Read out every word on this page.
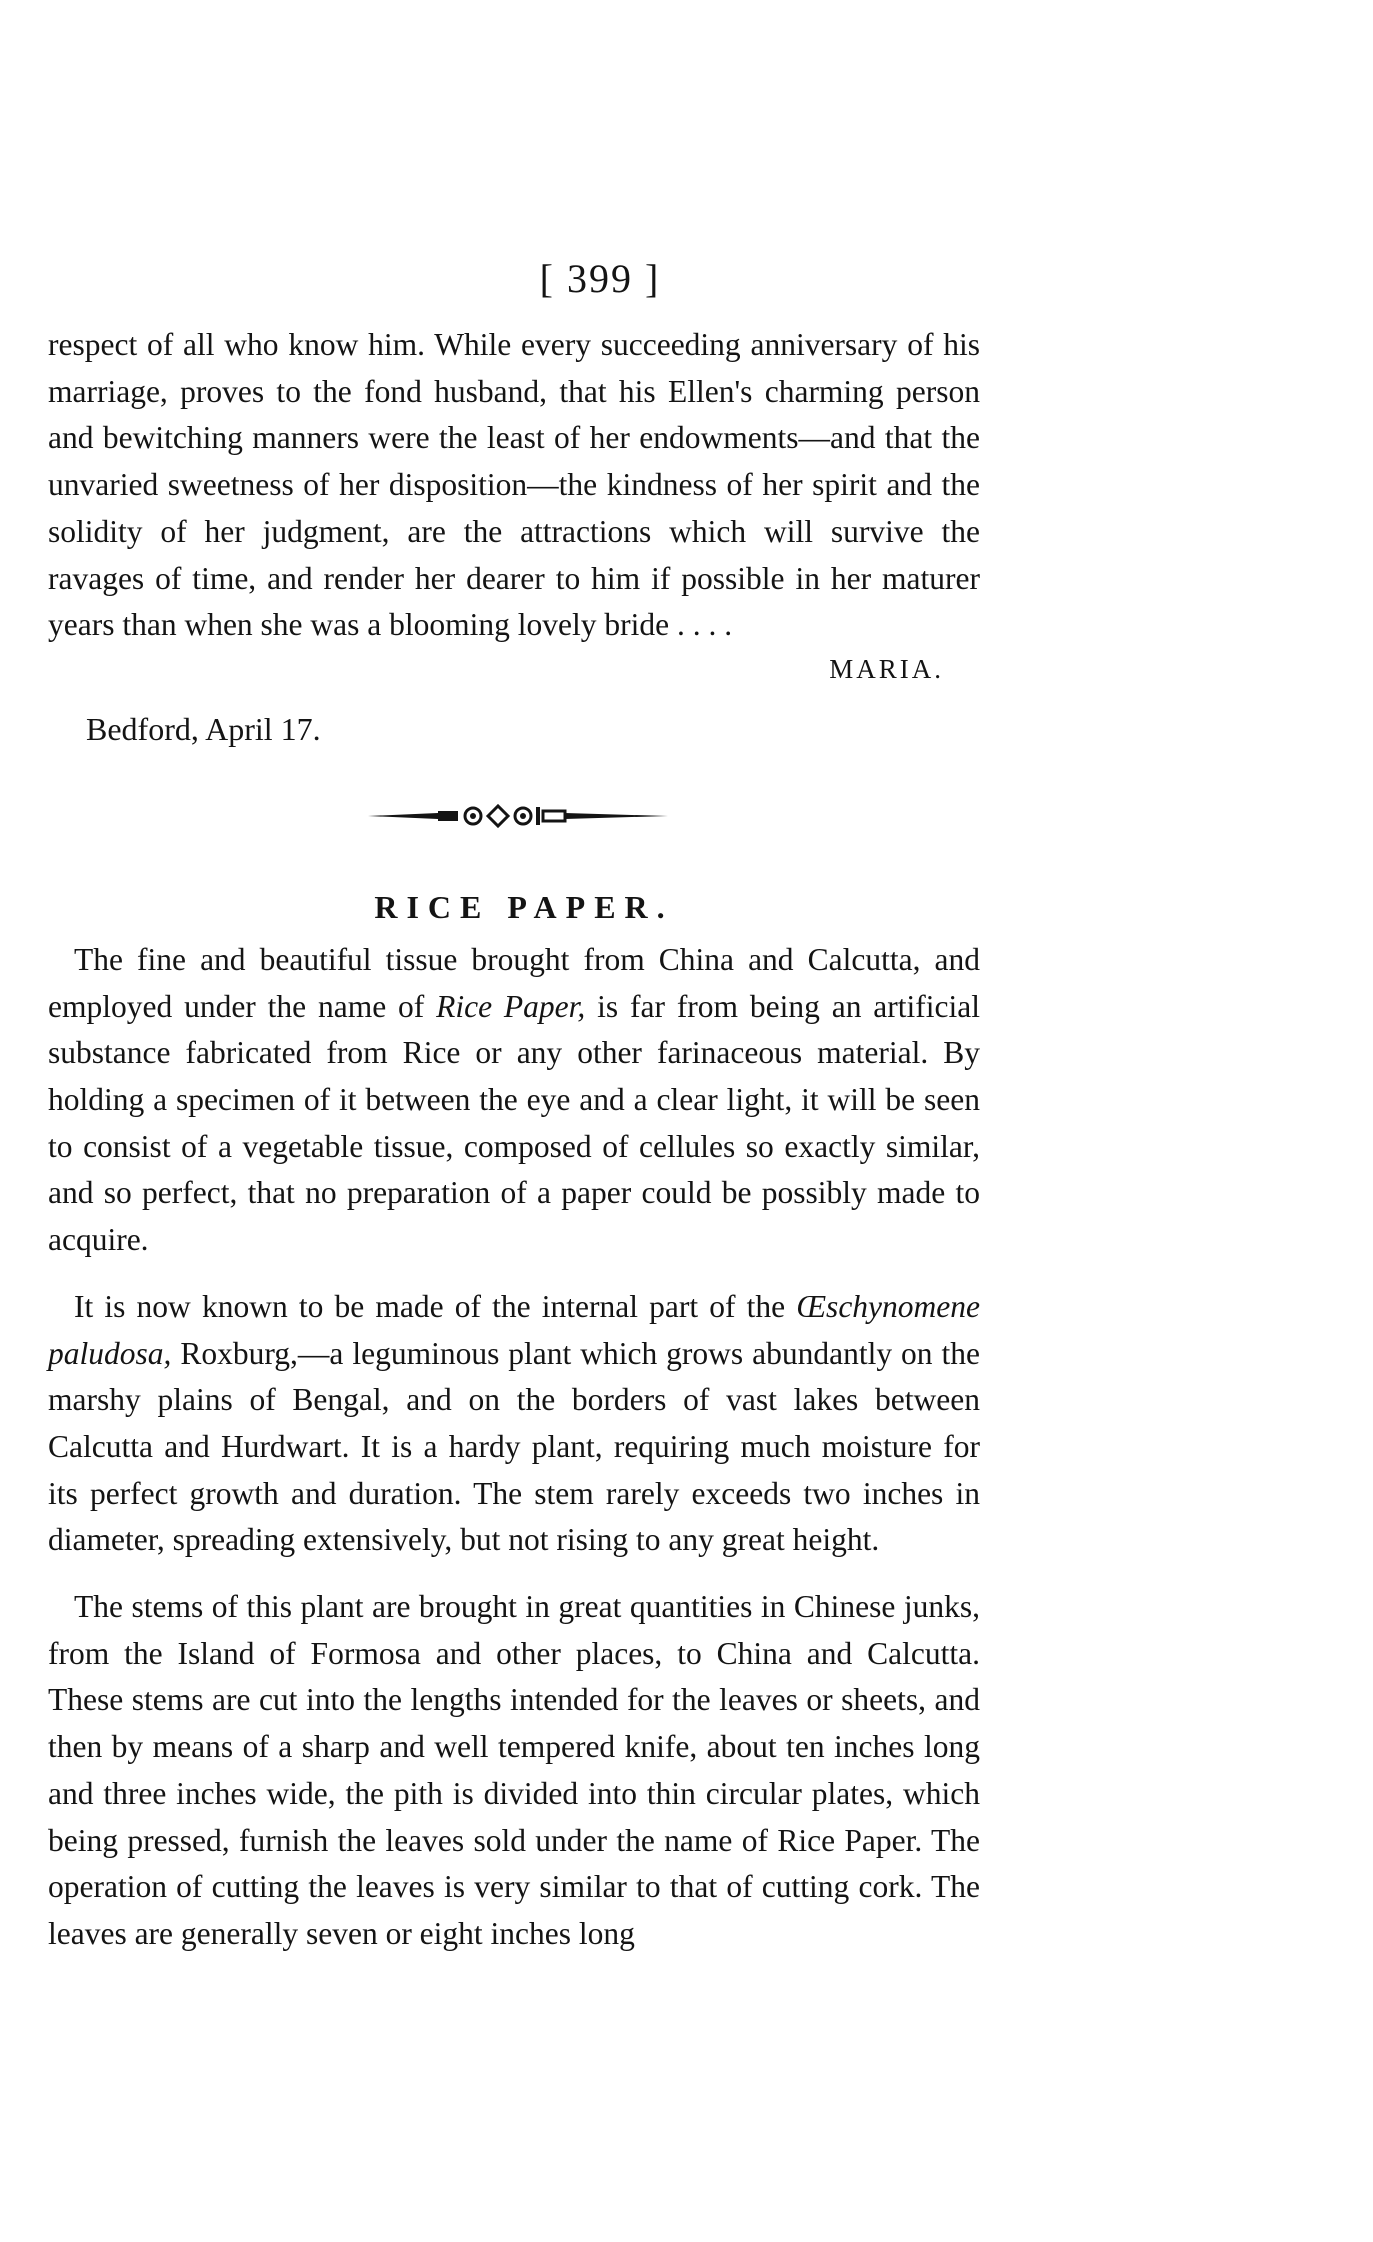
[ 399 ]

respect of all who know him. While every succeeding anniversary of his marriage, proves to the fond husband, that his Ellen's charming person and bewitching manners were the least of her endowments—and that the unvaried sweetness of her disposition—the kindness of her spirit and the solidity of her judgment, are the attractions which will survive the ravages of time, and render her dearer to him if possible in her maturer years than when she was a blooming lovely bride . . . .

MARIA.
Bedford, April 17.
RICE PAPER.

The fine and beautiful tissue brought from China and Calcutta, and employed under the name of Rice Paper, is far from being an artificial substance fabricated from Rice or any other farinaceous material. By holding a specimen of it between the eye and a clear light, it will be seen to consist of a vegetable tissue, composed of cellules so exactly similar, and so perfect, that no preparation of a paper could be possibly made to acquire.

It is now known to be made of the internal part of the Œschynomene paludosa, Roxburg,—a leguminous plant which grows abundantly on the marshy plains of Bengal, and on the borders of vast lakes between Calcutta and Hurdwart. It is a hardy plant, requiring much moisture for its perfect growth and duration. The stem rarely exceeds two inches in diameter, spreading extensively, but not rising to any great height.

The stems of this plant are brought in great quantities in Chinese junks, from the Island of Formosa and other places, to China and Calcutta. These stems are cut into the lengths intended for the leaves or sheets, and then by means of a sharp and well tempered knife, about ten inches long and three inches wide, the pith is divided into thin circular plates, which being pressed, furnish the leaves sold under the name of Rice Paper. The operation of cutting the leaves is very similar to that of cutting cork. The leaves are generally seven or eight inches long
